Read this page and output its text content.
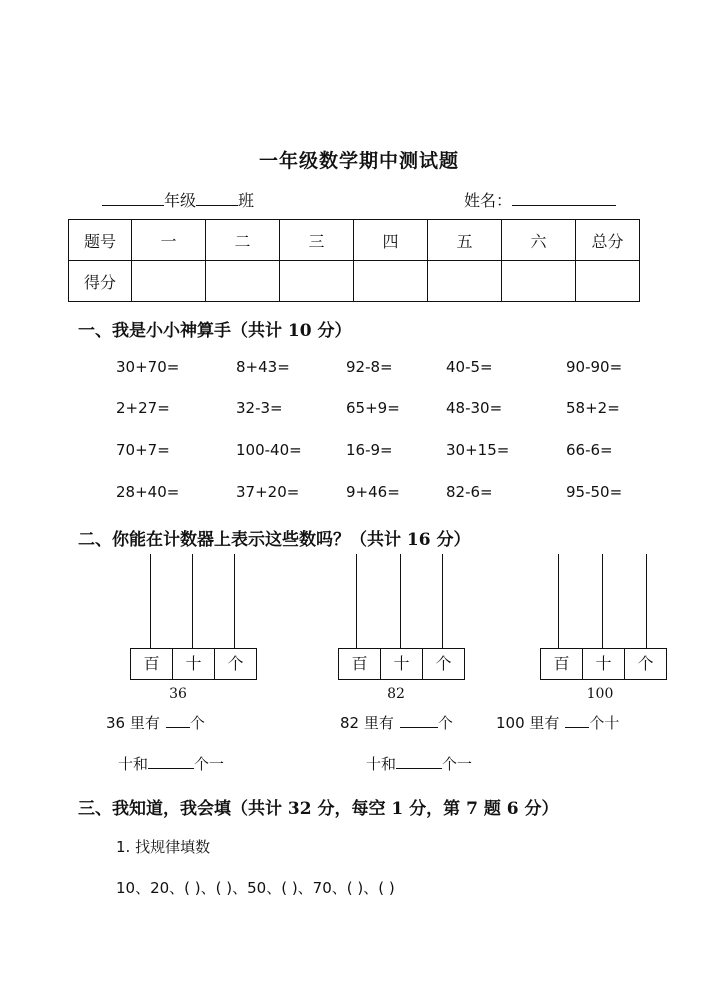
一年级数学期中测试题
年级	班	姓名：
题号	一	二	三	四	五	六	总分
得分							
一、我是小小神算手（共计 10 分）
30+70=	8+43=	92-8=	40-5=	90-90=
2+27=	32-3=	65+9=	48-30=	58+2=
70+7=	100-40=	16-9=	30+15=	66-6=
28+40=	37+20=	9+46=	82-6=	95-50=
二、你能在计数器上表示这些数吗？（共计 16 分）
百	十	个
36
百	十	个
82
百	十	个
100
36 里有 个	82 里有	个	100 里有 个十
十和	个一	十和	个一
三、我知道，我会填（共计 32 分，每空 1 分，第 7 题 6 分）
1. 找规律填数
10、20、( )、( )、50、( )、70、( )、( )
